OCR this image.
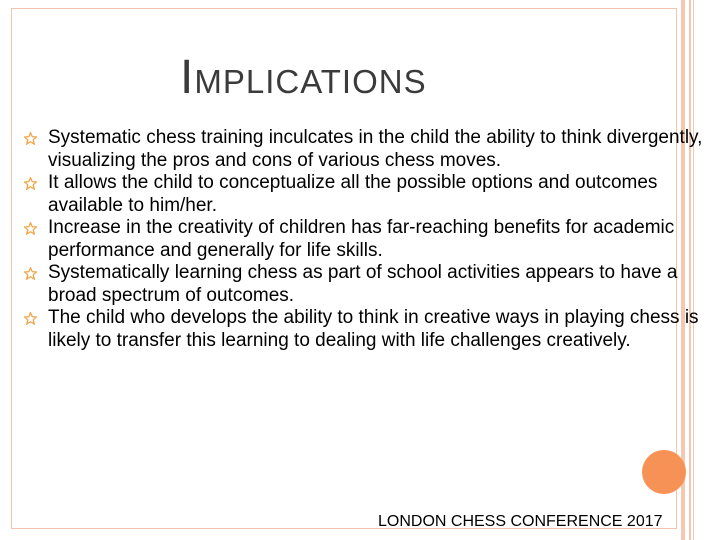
IMPLICATIONS
Systematic chess training inculcates in the child the ability to think divergently, visualizing the pros and cons of various chess moves.
It allows the child to conceptualize all the possible options and outcomes available to him/her.
Increase in the creativity of children has far-reaching benefits for academic performance and generally for life skills.
Systematically learning chess as part of school activities appears to have a broad spectrum of outcomes.
The child who develops the ability to think in creative ways in playing chess is likely to transfer this learning to dealing with life challenges creatively.
LONDON CHESS CONFERENCE 2017
